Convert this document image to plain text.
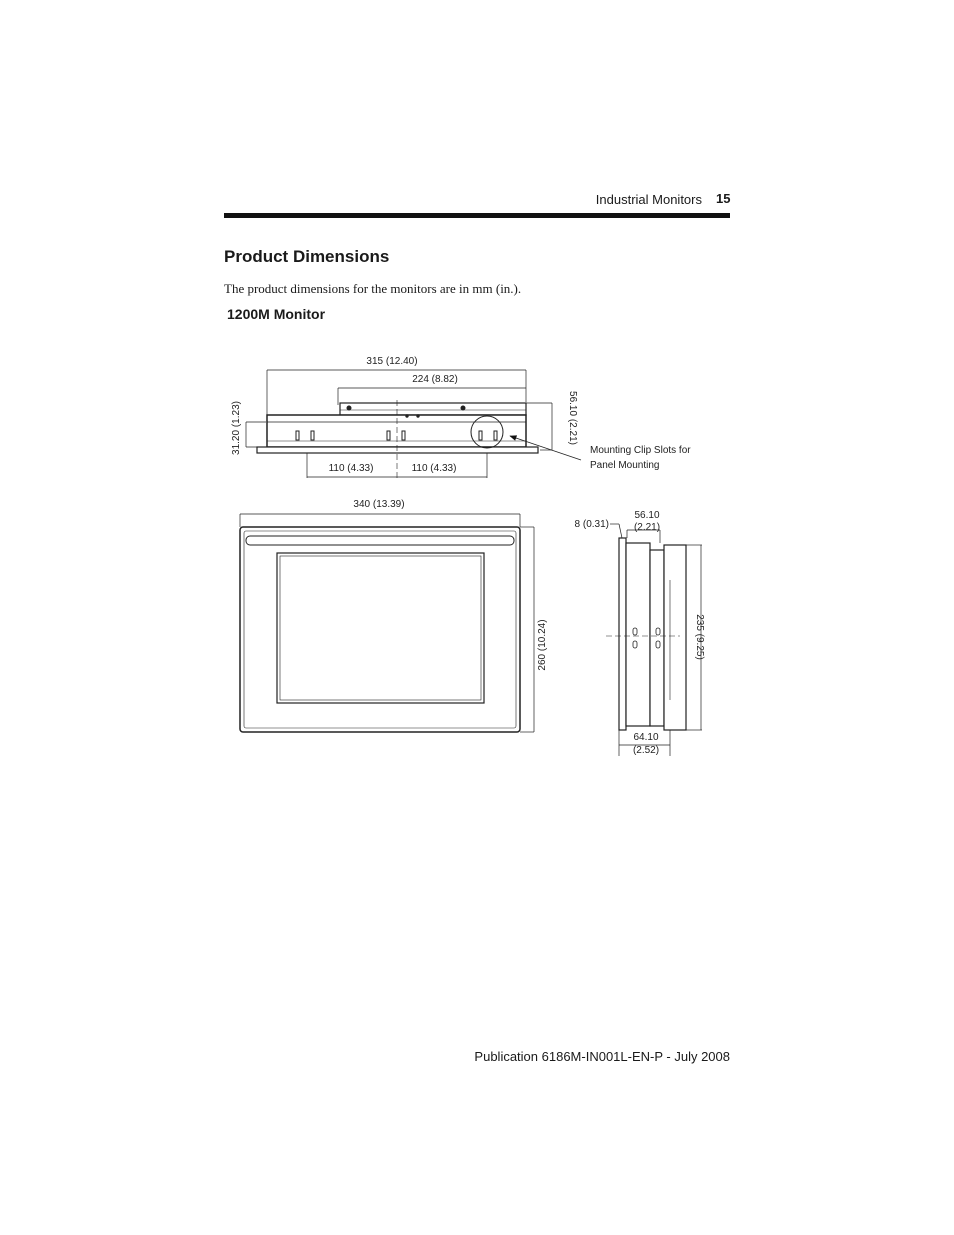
Industrial Monitors 15
Product Dimensions
The product dimensions for the monitors are in mm (in.).
1200M Monitor
315 (12.40)
224 (8.82)
31.20 (1.23)	56.10 (2.21)
110 (4.33)	110 (4.33)
Mounting Clip Slots for
Panel Mounting
340 (13.39)
260 (10.24)
8 (0.31)
56.10
(2.21)
235 (9.25)
64.10
(2.52)
Publication 6186M-IN001L-EN-P - July 2008
